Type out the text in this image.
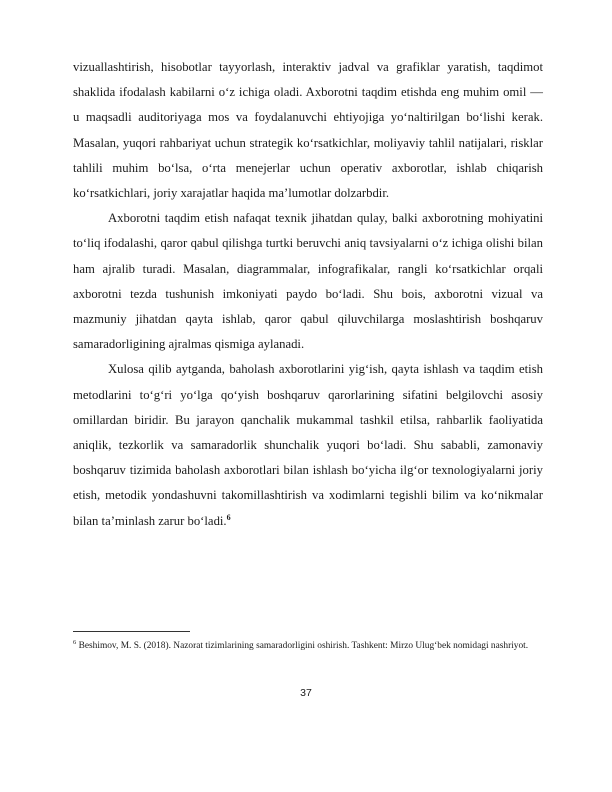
vizuallashtirish, hisobotlar tayyorlash, interaktiv jadval va grafiklar yaratish, taqdimot shaklida ifodalash kabilarni o‘z ichiga oladi. Axborotni taqdim etishda eng muhim omil — u maqsadli auditoriyaga mos va foydalanuvchi ehtiyojiga yo‘naltirilgan bo‘lishi kerak. Masalan, yuqori rahbariyat uchun strategik ko‘rsatkichlar, moliyaviy tahlil natijalari, risklar tahlili muhim bo‘lsa, o‘rta menejerlar uchun operativ axborotlar, ishlab chiqarish ko‘rsatkichlari, joriy xarajatlar haqida ma’lumotlar dolzarbdir.

Axborotni taqdim etish nafaqat texnik jihatdan qulay, balki axborotning mohiyatini to‘liq ifodalashi, qaror qabul qilishga turtki beruvchi aniq tavsiyalarni o‘z ichiga olishi bilan ham ajralib turadi. Masalan, diagrammalar, infografikalar, rangli ko‘rsatkichlar orqali axborotni tezda tushunish imkoniyati paydo bo‘ladi. Shu bois, axborotni vizual va mazmuniy jihatdan qayta ishlab, qaror qabul qiluvchilarga moslashtirish boshqaruv samaradorligining ajralmas qismiga aylanadi.

Xulosa qilib aytganda, baholash axborotlarini yig‘ish, qayta ishlash va taqdim etish metodlarini to‘g‘ri yo‘lga qo‘yish boshqaruv qarorlarining sifatini belgilovchi asosiy omillardan biridir. Bu jarayon qanchalik mukammal tashkil etilsa, rahbarlik faoliyatida aniqlik, tezkorlik va samaradorlik shunchalik yuqori bo‘ladi. Shu sababli, zamonaviy boshqaruv tizimida baholash axborotlari bilan ishlash bo‘yicha ilg‘or texnologiyalarni joriy etish, metodik yondashuvni takomillashtirish va xodimlarni tegishli bilim va ko‘nikmalar bilan ta’minlash zarur bo‘ladi.$^6$

$^6$ Beshimov, M. S. (2018). Nazorat tizimlarining samaradorligini oshirish. Tashkent: Mirzo Ulug‘bek nomidagi nashriyot.
37
